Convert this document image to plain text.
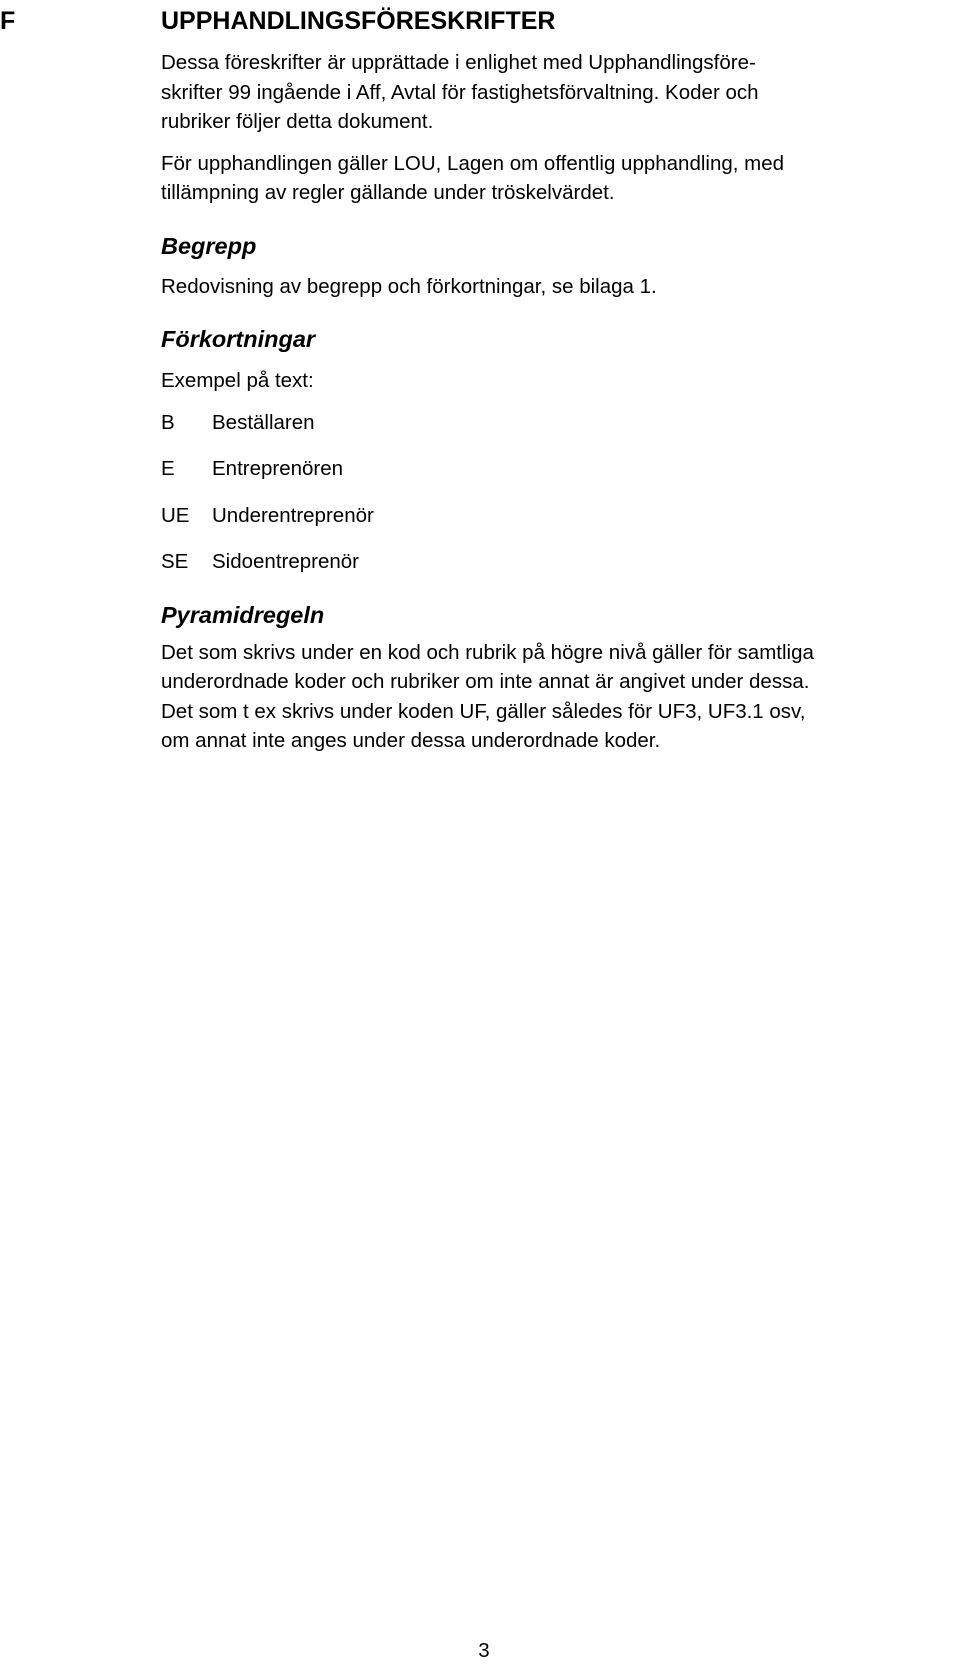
F	UPPHANDLINGSFÖRESKRIFTER

Dessa föreskrifter är upprättade i enlighet med Upphandlingsföre-
skrifter 99 ingående i Aff, Avtal för fastighetsförvaltning. Koder och
rubriker följer detta dokument.

För upphandlingen gäller LOU, Lagen om offentlig upphandling, med
tillämpning av regler gällande under tröskelvärdet.

Begrepp

Redovisning av begrepp och förkortningar, se bilaga 1.

Förkortningar

Exempel på text:

B	Beställaren
E	Entreprenören
UE	Underentreprenör
SE	Sidoentreprenör
Pyramidregeln

Det som skrivs under en kod och rubrik på högre nivå gäller för samtliga
underordnade koder och rubriker om inte annat är angivet under dessa.
Det som t ex skrivs under koden UF, gäller således för UF3, UF3.1 osv,
om annat inte anges under dessa underordnade koder.

3
